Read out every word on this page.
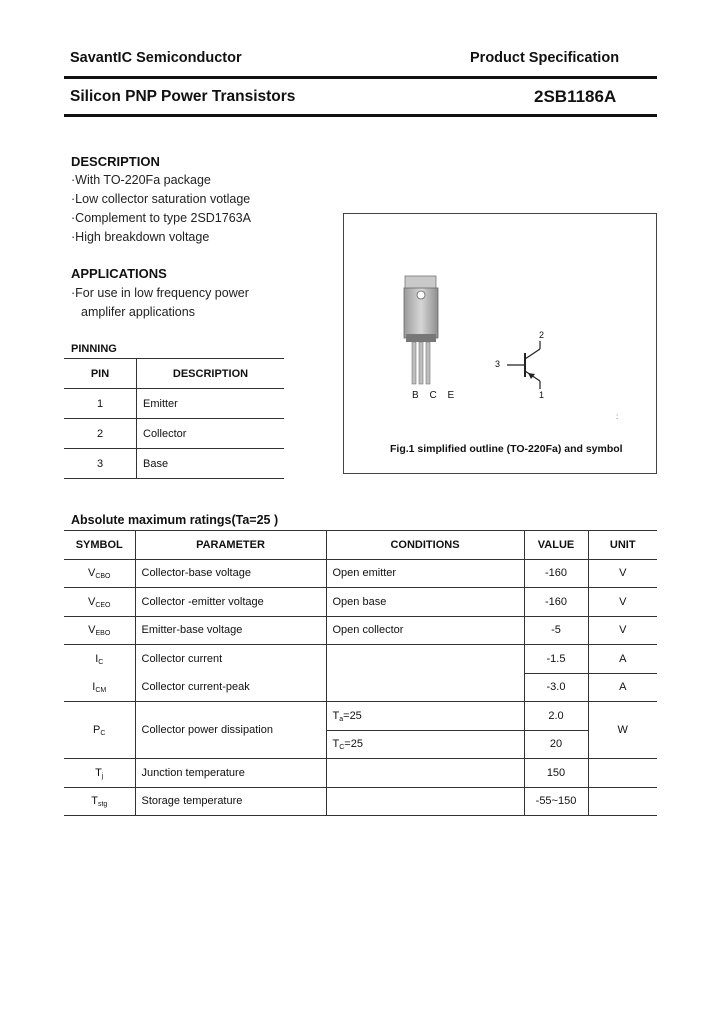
SavantIC Semiconductor	Product Specification
Silicon PNP Power Transistors	2SB1186A
DESCRIPTION
·With TO-220Fa package
·Low collector saturation votlage
·Complement to type 2SD1763A
·High breakdown voltage
APPLICATIONS
·For use in low frequency power
amplifer applications
PINNING
PIN	DESCRIPTION
1	Emitter
2	Collector
3	Base
:
B C E
2
3
1
Fig.1 simplified outline (TO-220Fa) and symbol
Absolute maximum ratings(Ta=25 )
SYMBOL	PARAMETER	CONDITIONS	VALUE	UNIT
VCBO	Collector-base voltage	Open emitter	-160	V
VCEO	Collector -emitter voltage	Open base	-160	V
VEBO	Emitter-base voltage	Open collector	-5	V
IC	Collector current		-1.5	A
ICM	Collector current-peak		-3.0	A
PC	Collector power dissipation	Ta=25	2.0	W
		TC=25	20	
Tj	Junction temperature		150	
Tstg	Storage temperature		-55~150	
